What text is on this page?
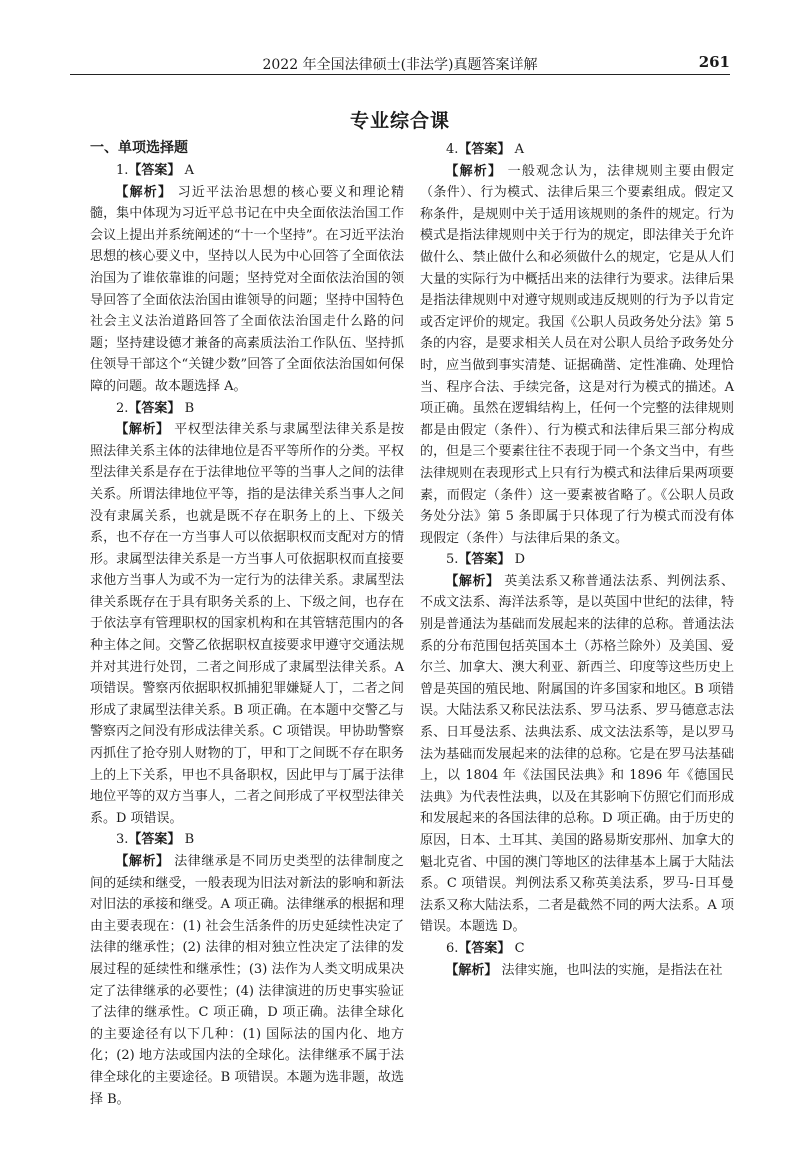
2022 年全国法律硕士(非法学)真题答案详解	261
专业综合课
一、单项选择题

1.【答案】 A

【解析】 习近平法治思想的核心要义和理论精髓，集中体现为习近平总书记在中央全面依法治国工作会议上提出并系统阐述的“十一个坚持”。在习近平法治思想的核心要义中，坚持以人民为中心回答了全面依法治国为了谁依靠谁的问题；坚持党对全面依法治国的领导回答了全面依法治国由谁领导的问题；坚持中国特色社会主义法治道路回答了全面依法治国走什么路的问题；坚持建设德才兼备的高素质法治工作队伍、坚持抓住领导干部这个“关键少数”回答了全面依法治国如何保障的问题。故本题选择 A。

2.【答案】 B

【解析】 平权型法律关系与隶属型法律关系是按照法律关系主体的法律地位是否平等所作的分类。平权型法律关系是存在于法律地位平等的当事人之间的法律关系。所谓法律地位平等，指的是法律关系当事人之间没有隶属关系，也就是既不存在职务上的上、下级关系，也不存在一方当事人可以依据职权而支配对方的情形。隶属型法律关系是一方当事人可依据职权而直接要求他方当事人为或不为一定行为的法律关系。隶属型法律关系既存在于具有职务关系的上、下级之间，也存在于依法享有管理职权的国家机构和在其管辖范围内的各种主体之间。交警乙依据职权直接要求甲遵守交通法规并对其进行处罚，二者之间形成了隶属型法律关系。A 项错误。警察丙依据职权抓捕犯罪嫌疑人丁，二者之间形成了隶属型法律关系。B 项正确。在本题中交警乙与警察丙之间没有形成法律关系。C 项错误。甲协助警察丙抓住了抢夺别人财物的丁，甲和丁之间既不存在职务上的上下关系，甲也不具备职权，因此甲与丁属于法律地位平等的双方当事人，二者之间形成了平权型法律关系。D 项错误。

3.【答案】 B

【解析】 法律继承是不同历史类型的法律制度之间的延续和继受，一般表现为旧法对新法的影响和新法对旧法的承接和继受。A 项正确。法律继承的根据和理由主要表现在：(1) 社会生活条件的历史延续性决定了法律的继承性；(2) 法律的相对独立性决定了法律的发展过程的延续性和继承性；(3) 法作为人类文明成果决定了法律继承的必要性；(4) 法律演进的历史事实验证了法律的继承性。C 项正确，D 项正确。法律全球化的主要途径有以下几种：(1) 国际法的国内化、地方化；(2) 地方法或国内法的全球化。法律继承不属于法律全球化的主要途径。B 项错误。本题为选非题，故选择 B。

4.【答案】 A

【解析】 一般观念认为，法律规则主要由假定（条件）、行为模式、法律后果三个要素组成。假定又称条件，是规则中关于适用该规则的条件的规定。行为模式是指法律规则中关于行为的规定，即法律关于允许做什么、禁止做什么和必须做什么的规定，它是从人们大量的实际行为中概括出来的法律行为要求。法律后果是指法律规则中对遵守规则或违反规则的行为予以肯定或否定评价的规定。我国《公职人员政务处分法》第 5 条的内容，是要求相关人员在对公职人员给予政务处分时，应当做到事实清楚、证据确凿、定性准确、处理恰当、程序合法、手续完备，这是对行为模式的描述。A 项正确。虽然在逻辑结构上，任何一个完整的法律规则都是由假定（条件）、行为模式和法律后果三部分构成的，但是三个要素往往不表现于同一个条文当中，有些法律规则在表现形式上只有行为模式和法律后果两项要素，而假定（条件）这一要素被省略了。《公职人员政务处分法》第 5 条即属于只体现了行为模式而没有体现假定（条件）与法律后果的条文。

5.【答案】 D

【解析】 英美法系又称普通法法系、判例法系、不成文法系、海洋法系等，是以英国中世纪的法律，特别是普通法为基础而发展起来的法律的总称。普通法法系的分布范围包括英国本土（苏格兰除外）及美国、爱尔兰、加拿大、澳大利亚、新西兰、印度等这些历史上曾是英国的殖民地、附属国的许多国家和地区。B 项错误。大陆法系又称民法法系、罗马法系、罗马德意志法系、日耳曼法系、法典法系、成文法法系等，是以罗马法为基础而发展起来的法律的总称。它是在罗马法基础上，以 1804 年《法国民法典》和 1896 年《德国民法典》为代表性法典，以及在其影响下仿照它们而形成和发展起来的各国法律的总称。D 项正确。由于历史的原因，日本、土耳其、美国的路易斯安那州、加拿大的魁北克省、中国的澳门等地区的法律基本上属于大陆法系。C 项错误。判例法系又称英美法系，罗马-日耳曼法系又称大陆法系，二者是截然不同的两大法系。A 项错误。本题选 D。

6.【答案】 C

【解析】 法律实施，也叫法的实施，是指法在社
